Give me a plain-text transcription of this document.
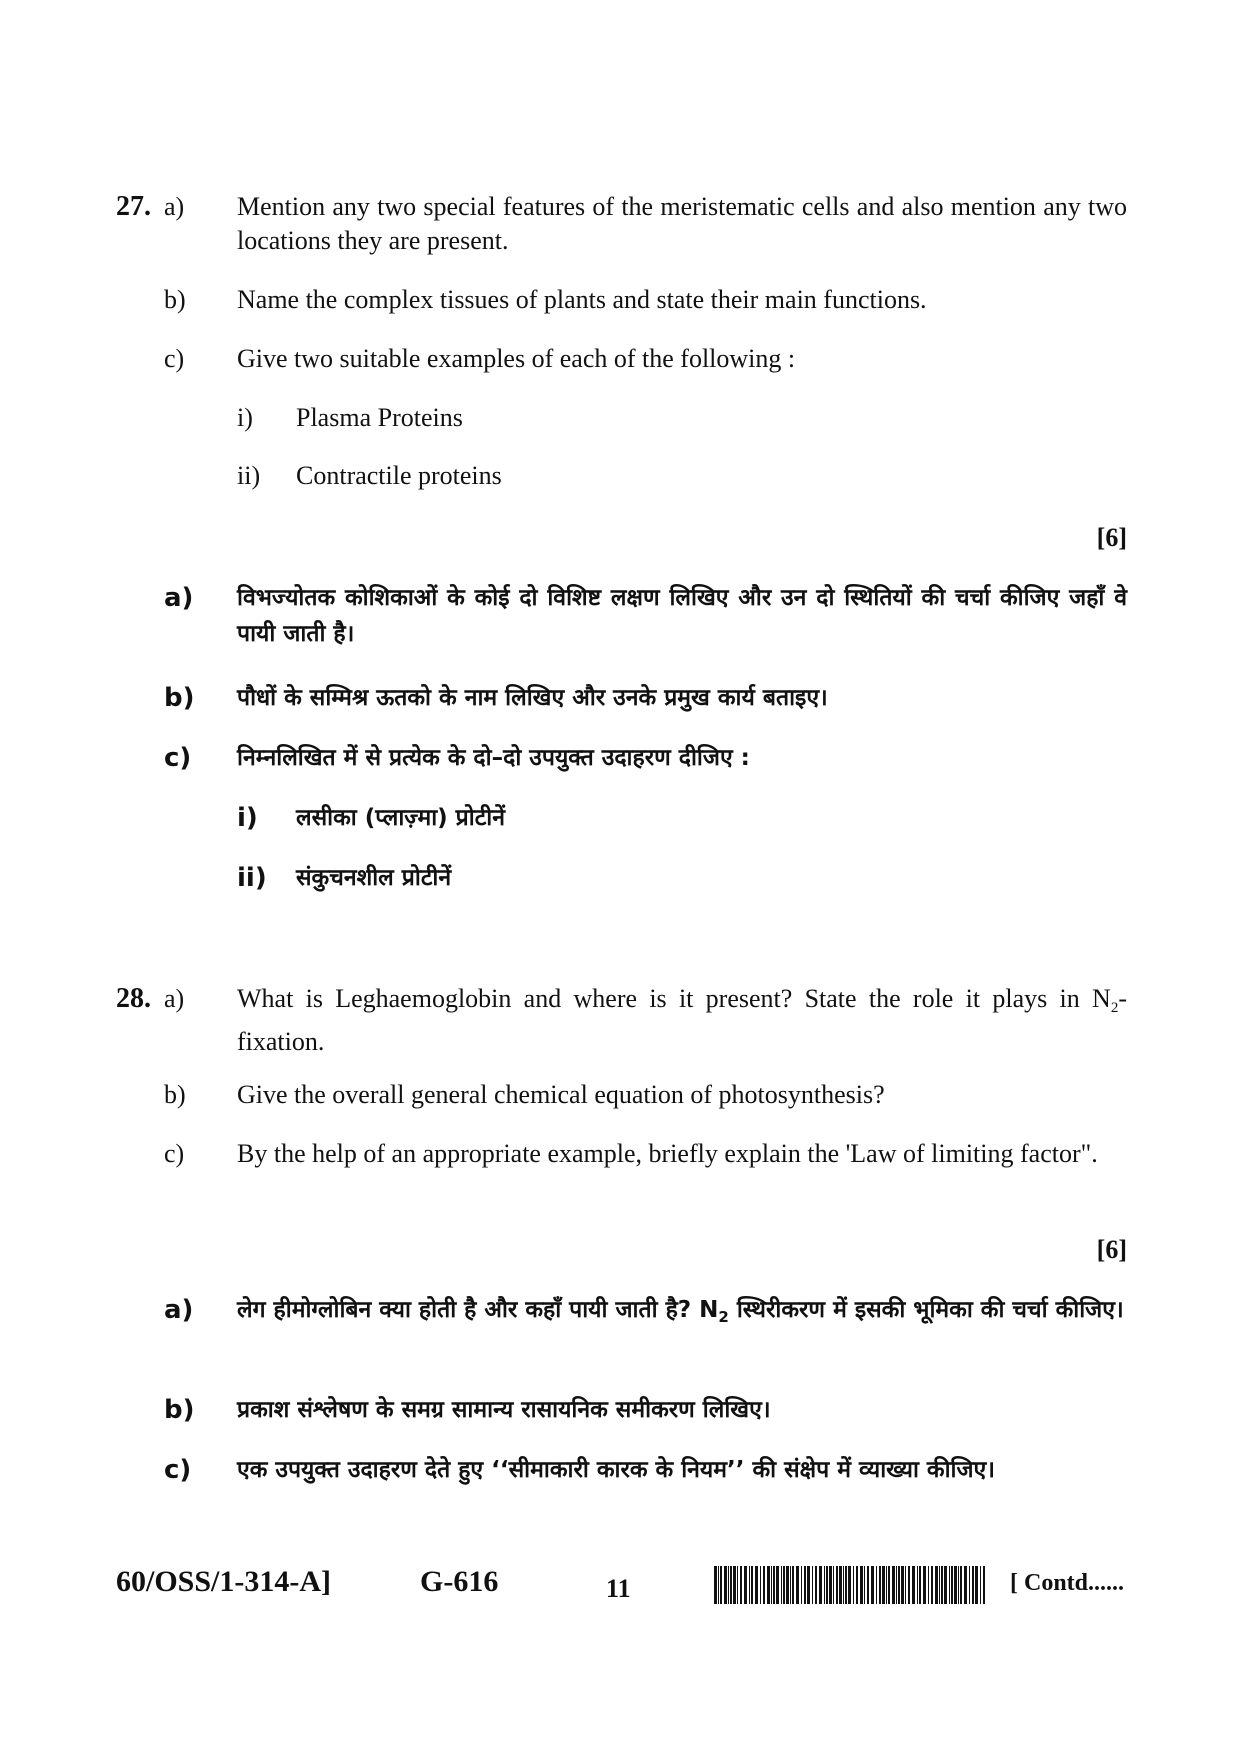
27. a) Mention any two special features of the meristematic cells and also mention any two locations they are present.
b) Name the complex tissues of plants and state their main functions.
c) Give two suitable examples of each of the following :
i) Plasma Proteins
ii) Contractile proteins
[6]
a) विभज्योतक कोशिकाओं के कोई दो विशिष्ट लक्षण लिखिए और उन दो स्थितियों की चर्चा कीजिए जहाँ वे पायी जाती है।
b) पौधों के सम्मिश्र ऊतको के नाम लिखिए और उनके प्रमुख कार्य बताइए।
c) निम्नलिखित में से प्रत्येक के दो–दो उपयुक्त उदाहरण दीजिए :
i) लसीका (प्लाज़्मा) प्रोटीनें
ii) संकुचनशील प्रोटीनें
28. a) What is Leghaemoglobin and where is it present? State the role it plays in $N_2$-fixation.
b) Give the overall general chemical equation of photosynthesis?
c) By the help of an appropriate example, briefly explain the 'Law of limiting factor".
[6]
a) लेग हीमोग्लोबिन क्या होती है और कहाँ पायी जाती है? $N_2$ स्थिरीकरण में इसकी भूमिका की चर्चा कीजिए।
b) प्रकाश संश्लेषण के समग्र सामान्य रासायनिक समीकरण लिखिए।
c) एक उपयुक्त उदाहरण देते हुए ‘‘सीमाकारी कारक के नियम’’ की संक्षेप में व्याख्या कीजिए।
60/OSS/1-314-A]	G-616	11	[ Contd......
